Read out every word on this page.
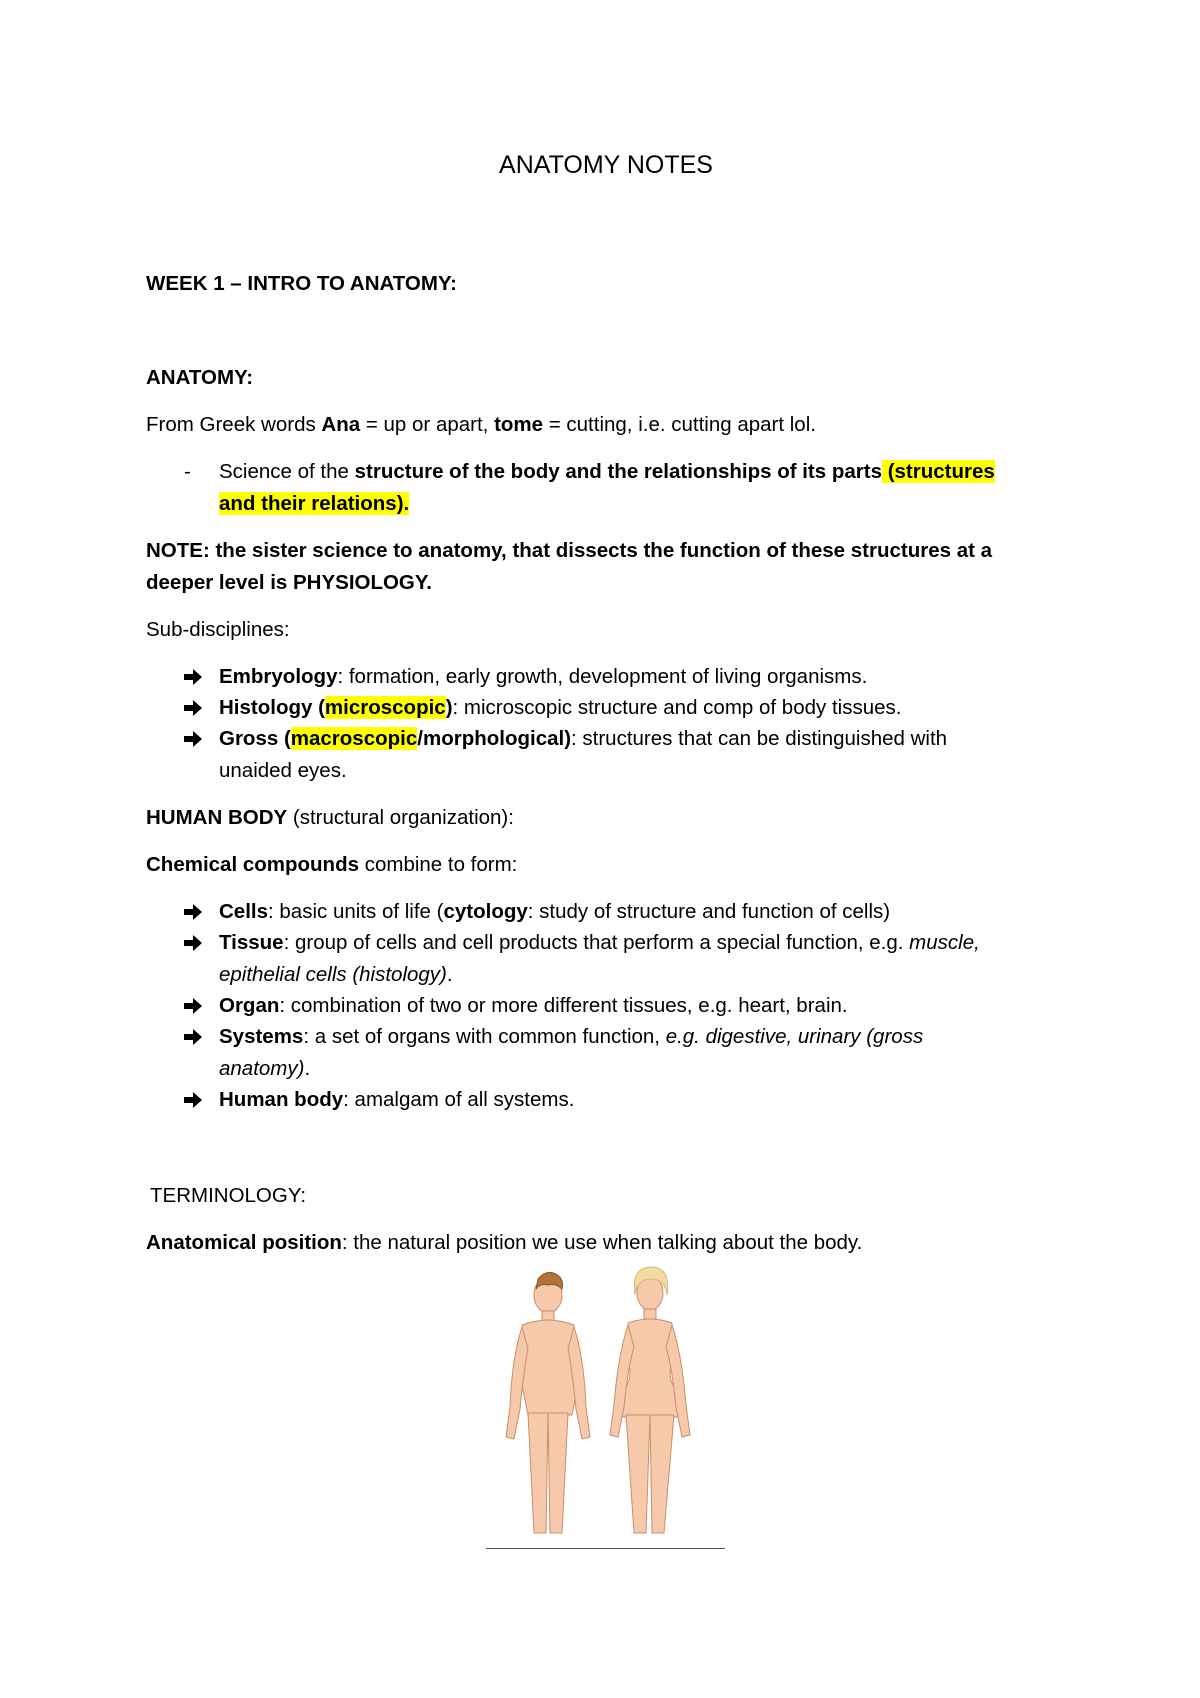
ANATOMY NOTES
WEEK 1 – INTRO TO ANATOMY:
ANATOMY:
From Greek words Ana = up or apart, tome = cutting, i.e. cutting apart lol.
- Science of the structure of the body and the relationships of its parts (structures
and their relations).
NOTE: the sister science to anatomy, that dissects the function of these structures at a
deeper level is PHYSIOLOGY.
Sub-disciplines:
Embryology: formation, early growth, development of living organisms.
Histology (microscopic): microscopic structure and comp of body tissues.
Gross (macroscopic/morphological): structures that can be distinguished with
unaided eyes.
HUMAN BODY (structural organization):
Chemical compounds combine to form:
Cells: basic units of life (cytology: study of structure and function of cells)
Tissue: group of cells and cell products that perform a special function, e.g. muscle,
epithelial cells (histology).
Organ: combination of two or more different tissues, e.g. heart, brain.
Systems: a set of organs with common function, e.g. digestive, urinary (gross
anatomy).
Human body: amalgam of all systems.
TERMINOLOGY:
Anatomical position: the natural position we use when talking about the body.
